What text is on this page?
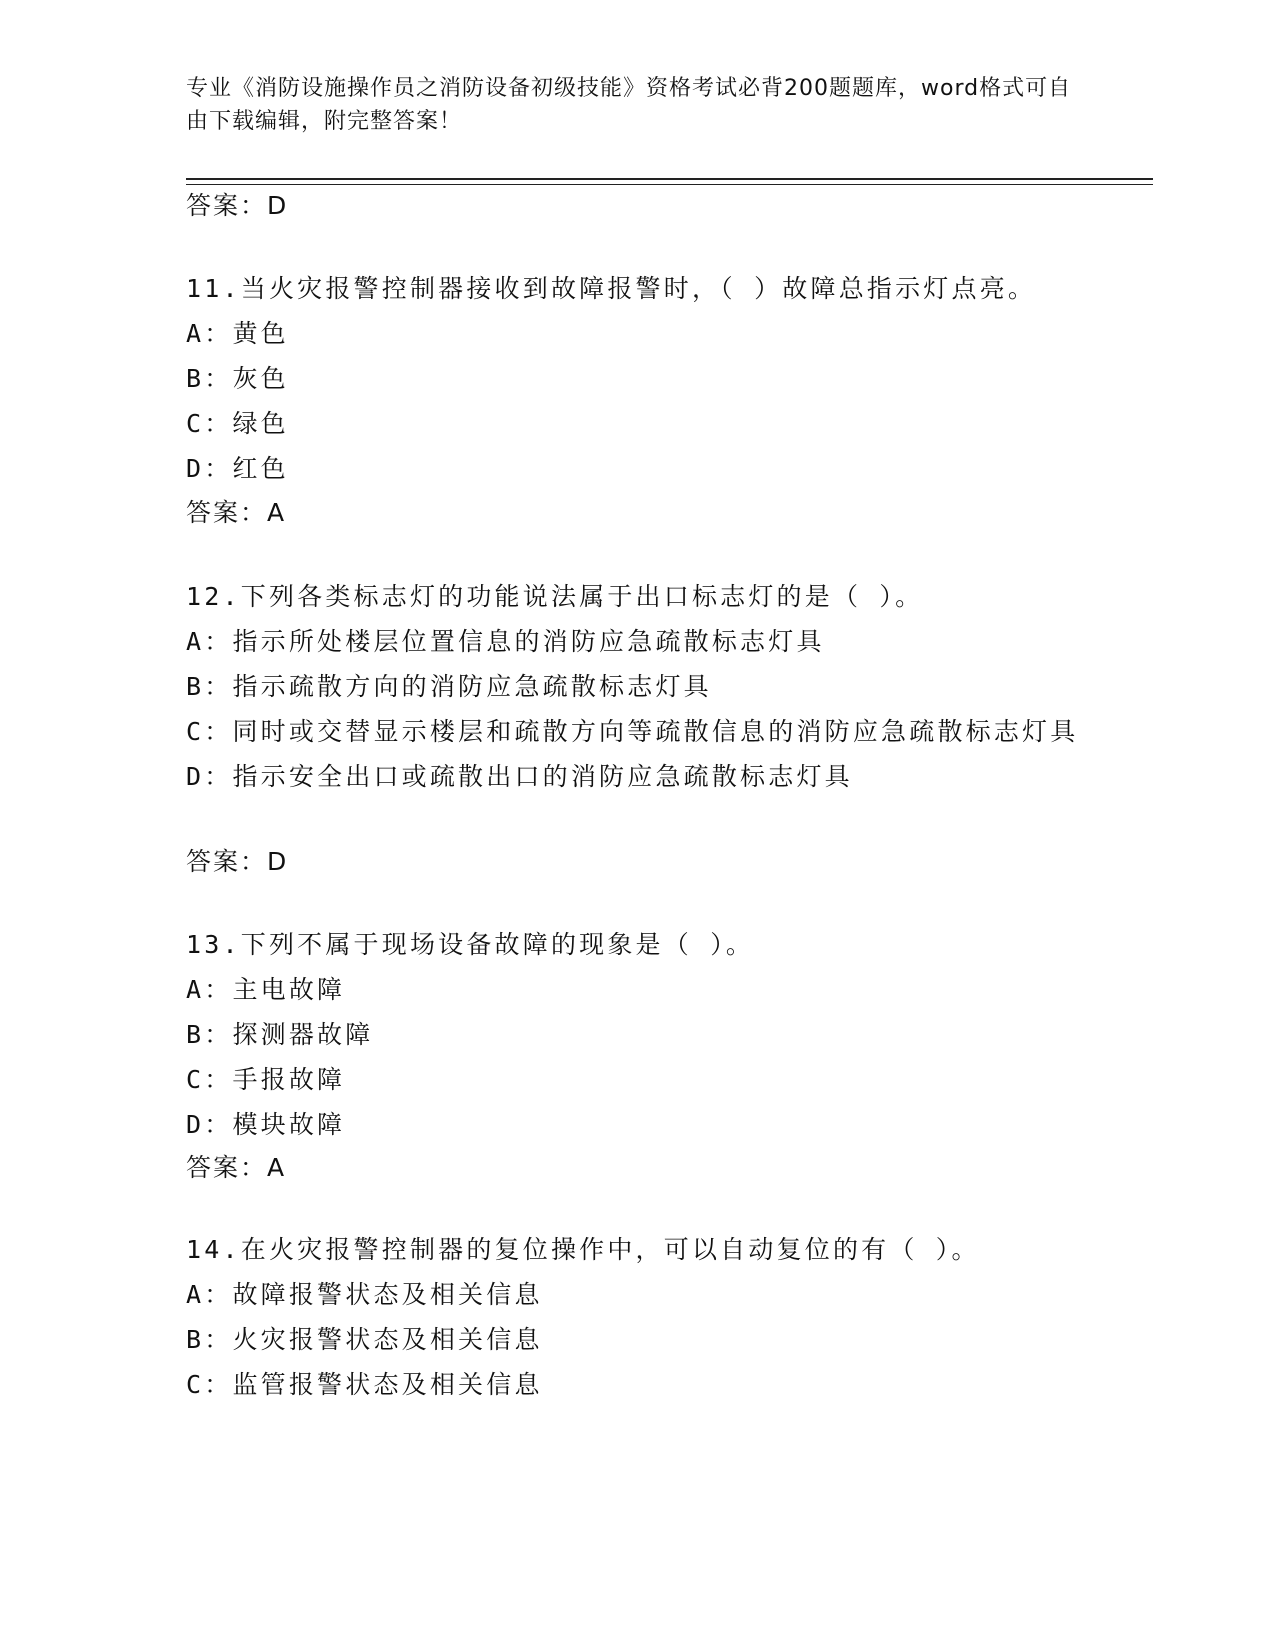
专业《消防设施操作员之消防设备初级技能》资格考试必背200题题库，word格式可自由下载编辑，附完整答案！
答案：D
11.当火灾报警控制器接收到故障报警时，（ ）故障总指示灯点亮。
A：黄色
B：灰色
C：绿色
D：红色
答案：A
12.下列各类标志灯的功能说法属于出口标志灯的是（ ）。
A：指示所处楼层位置信息的消防应急疏散标志灯具
B：指示疏散方向的消防应急疏散标志灯具
C：同时或交替显示楼层和疏散方向等疏散信息的消防应急疏散标志灯具
D：指示安全出口或疏散出口的消防应急疏散标志灯具
答案：D
13.下列不属于现场设备故障的现象是（ ）。
A：主电故障
B：探测器故障
C：手报故障
D：模块故障
答案：A
14.在火灾报警控制器的复位操作中，可以自动复位的有（ ）。
A：故障报警状态及相关信息
B：火灾报警状态及相关信息
C：监管报警状态及相关信息
